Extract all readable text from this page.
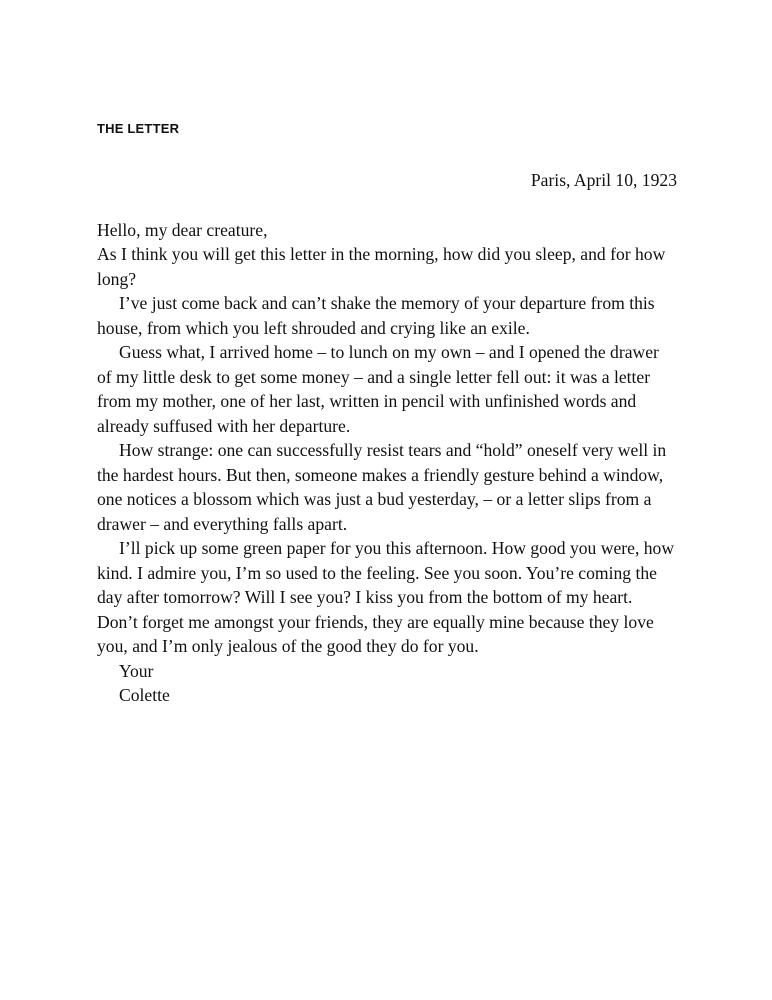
THE LETTER

Paris, April 10, 1923

Hello, my dear creature,

As I think you will get this letter in the morning, how did you sleep, and for how long?

I’ve just come back and can’t shake the memory of your departure from this house, from which you left shrouded and crying like an exile.

Guess what, I arrived home – to lunch on my own – and I opened the drawer of my little desk to get some money – and a single letter fell out: it was a letter from my mother, one of her last, written in pencil with unfinished words and already suffused with her departure.

How strange: one can successfully resist tears and “hold” oneself very well in the hardest hours. But then, someone makes a friendly gesture behind a window, one notices a blossom which was just a bud yesterday, – or a letter slips from a drawer – and everything falls apart.

I’ll pick up some green paper for you this afternoon. How good you were, how kind. I admire you, I’m so used to the feeling. See you soon. You’re coming the day after tomorrow? Will I see you? I kiss you from the bottom of my heart. Don’t forget me amongst your friends, they are equally mine because they love you, and I’m only jealous of the good they do for you.

Your

Colette
